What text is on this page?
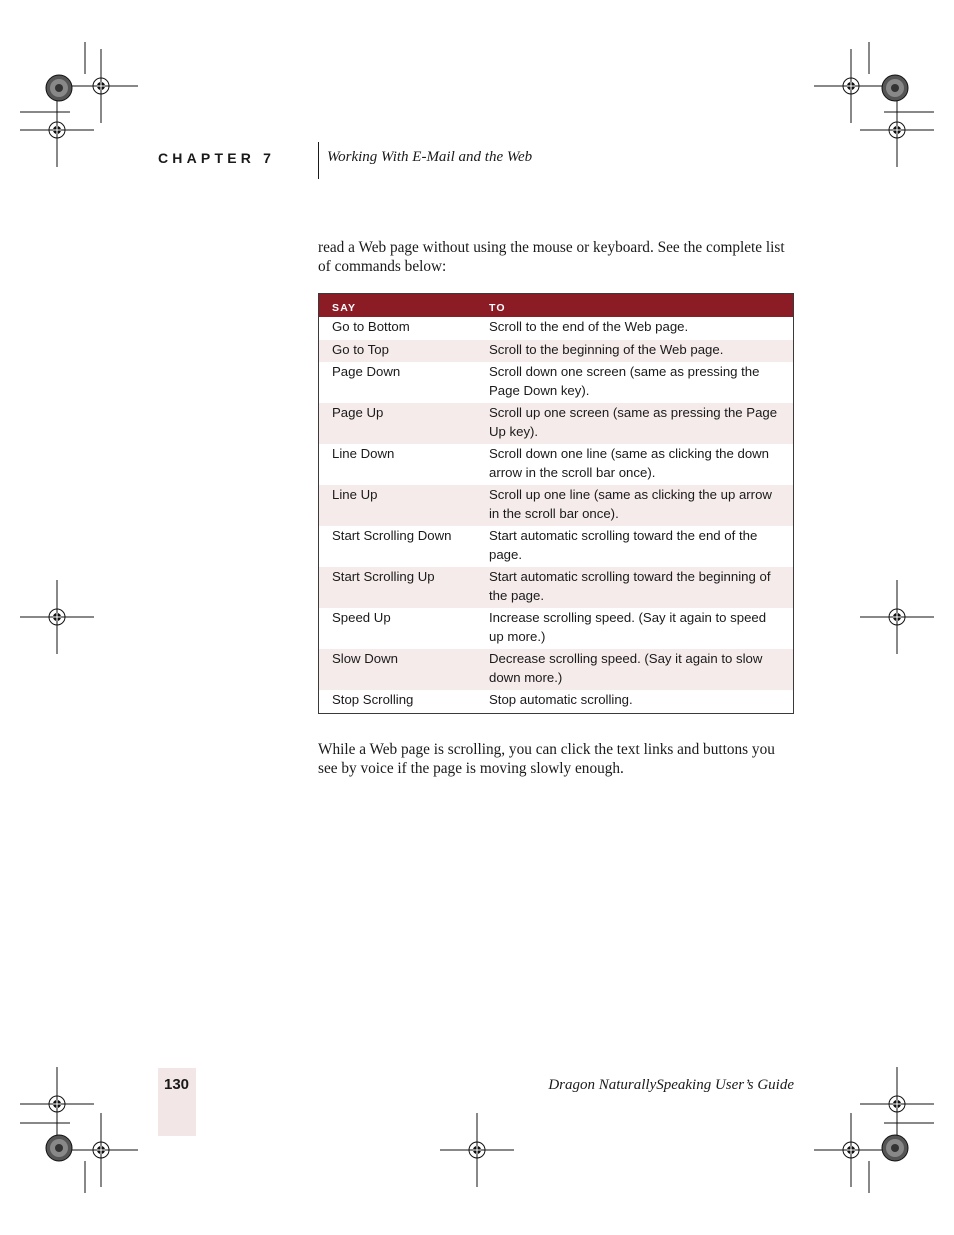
CHAPTER 7	Working With E-Mail and the Web

read a Web page without using the mouse or keyboard. See the complete list of commands below:

SAY	TO
Go to Bottom	Scroll to the end of the Web page.
Go to Top	Scroll to the beginning of the Web page.
Page Down	Scroll down one screen (same as pressing the Page Down key).
Page Up	Scroll up one screen (same as pressing the Page Up key).
Line Down	Scroll down one line (same as clicking the down arrow in the scroll bar once).
Line Up	Scroll up one line (same as clicking the up arrow in the scroll bar once).
Start Scrolling Down	Start automatic scrolling toward the end of the page.
Start Scrolling Up	Start automatic scrolling toward the beginning of the page.
Speed Up	Increase scrolling speed. (Say it again to speed up more.)
Slow Down	Decrease scrolling speed. (Say it again to slow down more.)
Stop Scrolling	Stop automatic scrolling.

While a Web page is scrolling, you can click the text links and buttons you see by voice if the page is moving slowly enough.

130	Dragon NaturallySpeaking User’s Guide
